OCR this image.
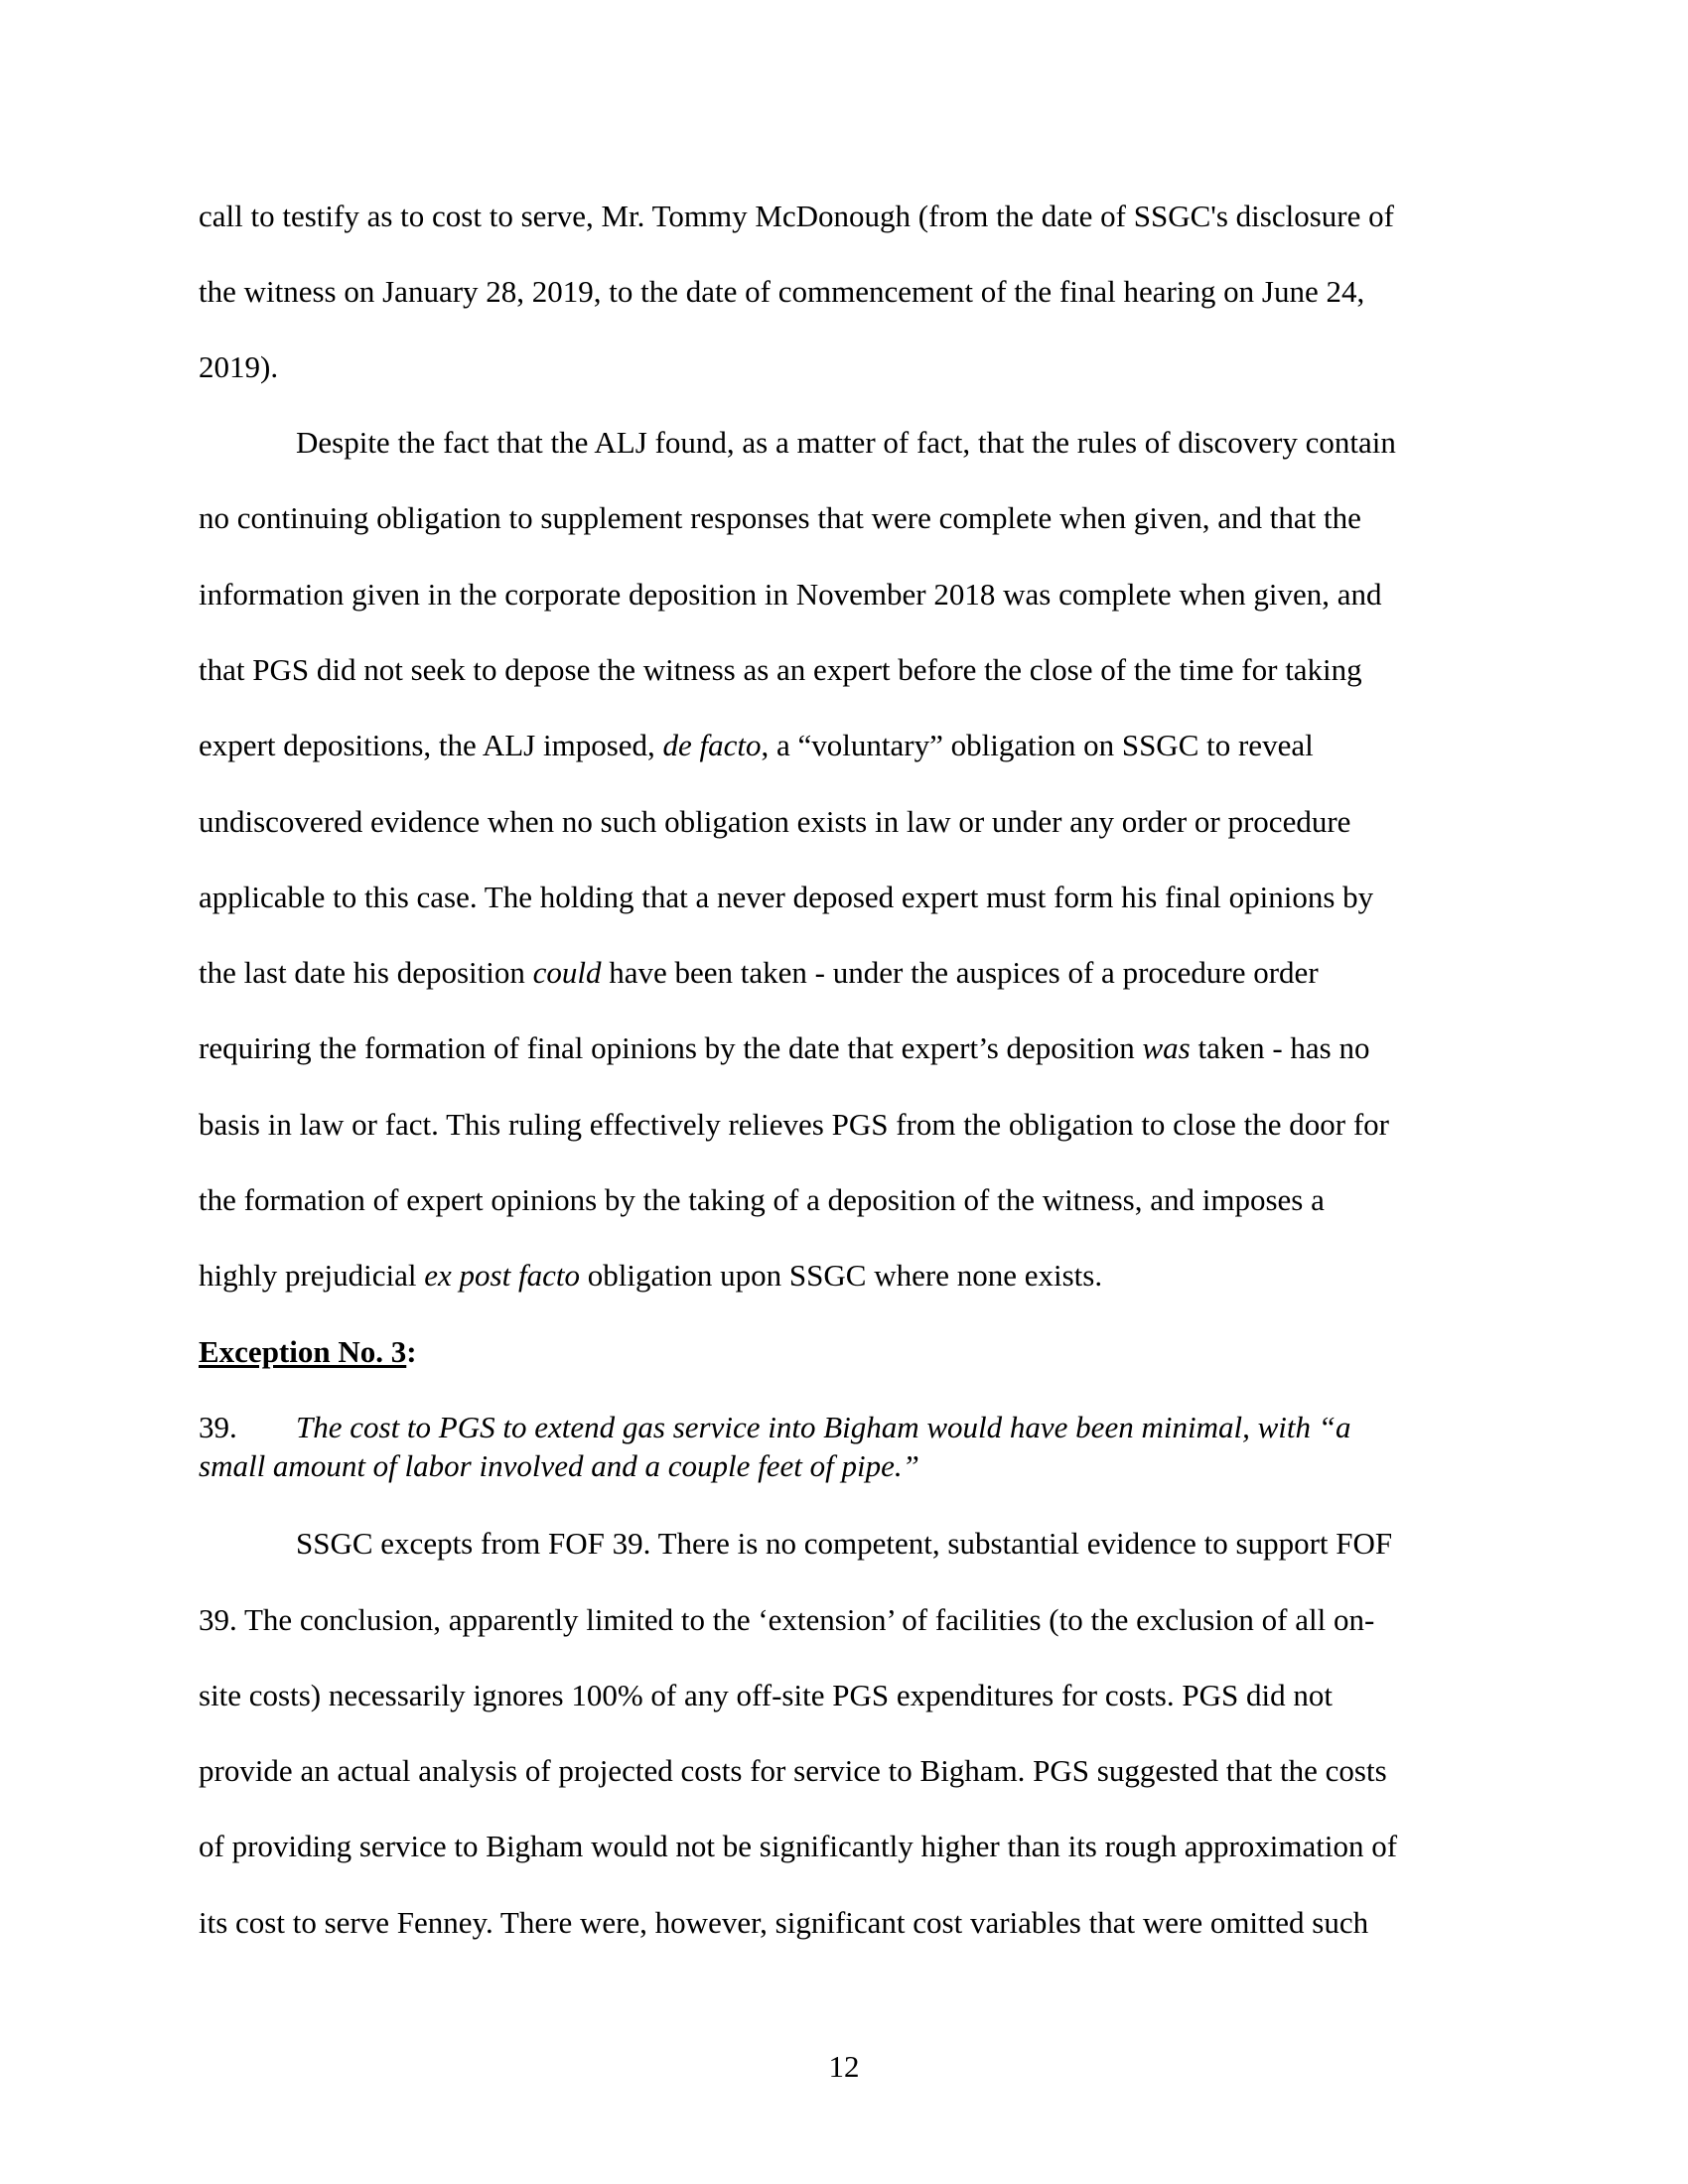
call to testify as to cost to serve, Mr. Tommy McDonough (from the date of SSGC's disclosure of
the witness on January 28, 2019, to the date of commencement of the final hearing on June 24,
2019).
Despite the fact that the ALJ found, as a matter of fact, that the rules of discovery contain
no continuing obligation to supplement responses that were complete when given, and that the
information given in the corporate deposition in November 2018 was complete when given, and
that PGS did not seek to depose the witness as an expert before the close of the time for taking
expert depositions, the ALJ imposed, de facto, a “voluntary” obligation on SSGC to reveal
undiscovered evidence when no such obligation exists in law or under any order or procedure
applicable to this case. The holding that a never deposed expert must form his final opinions by
the last date his deposition could have been taken - under the auspices of a procedure order
requiring the formation of final opinions by the date that expert’s deposition was taken - has no
basis in law or fact. This ruling effectively relieves PGS from the obligation to close the door for
the formation of expert opinions by the taking of a deposition of the witness, and imposes a
highly prejudicial ex post facto obligation upon SSGC where none exists.
Exception No. 3:
39. The cost to PGS to extend gas service into Bigham would have been minimal, with “a
small amount of labor involved and a couple feet of pipe.”
SSGC excepts from FOF 39. There is no competent, substantial evidence to support FOF
39. The conclusion, apparently limited to the ‘extension’ of facilities (to the exclusion of all on-
site costs) necessarily ignores 100% of any off-site PGS expenditures for costs. PGS did not
provide an actual analysis of projected costs for service to Bigham. PGS suggested that the costs
of providing service to Bigham would not be significantly higher than its rough approximation of
its cost to serve Fenney. There were, however, significant cost variables that were omitted such
12
